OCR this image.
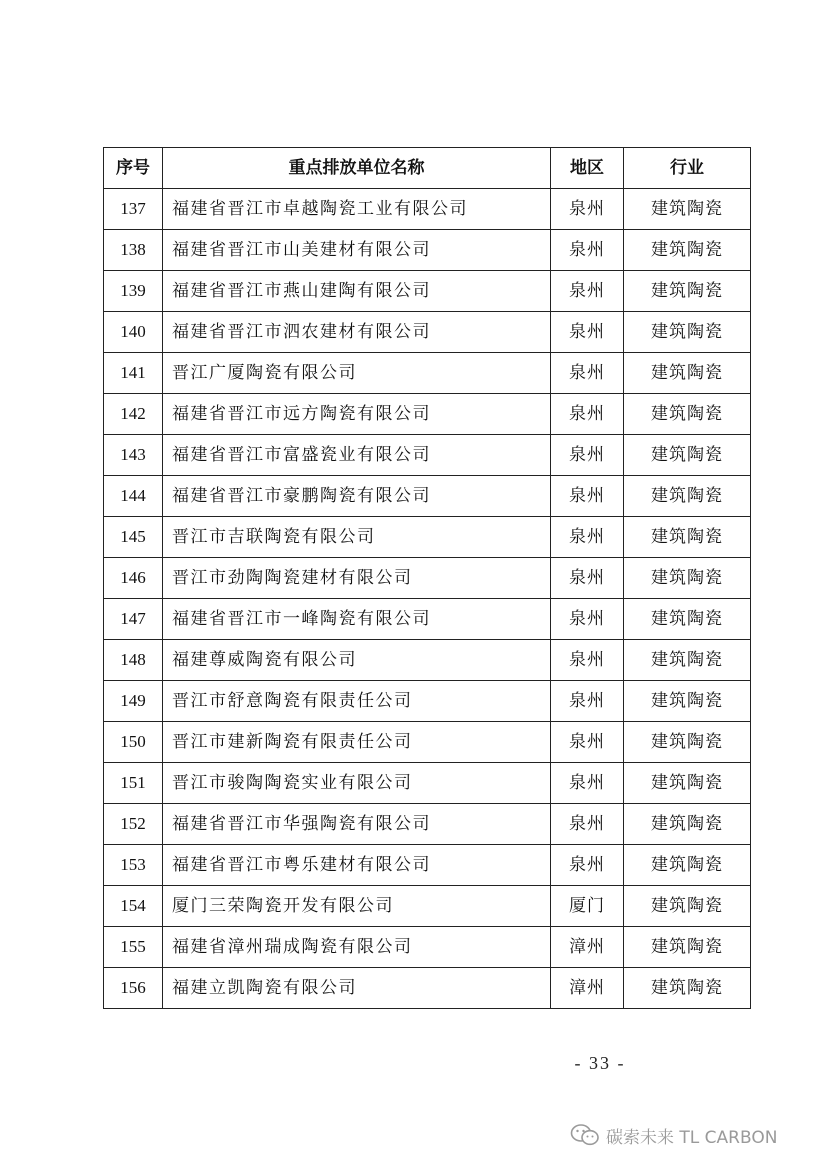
序号	重点排放单位名称	地区	行业
137	福建省晋江市卓越陶瓷工业有限公司	泉州	建筑陶瓷
138	福建省晋江市山美建材有限公司	泉州	建筑陶瓷
139	福建省晋江市燕山建陶有限公司	泉州	建筑陶瓷
140	福建省晋江市泗农建材有限公司	泉州	建筑陶瓷
141	晋江广厦陶瓷有限公司	泉州	建筑陶瓷
142	福建省晋江市远方陶瓷有限公司	泉州	建筑陶瓷
143	福建省晋江市富盛瓷业有限公司	泉州	建筑陶瓷
144	福建省晋江市豪鹏陶瓷有限公司	泉州	建筑陶瓷
145	晋江市吉联陶瓷有限公司	泉州	建筑陶瓷
146	晋江市劲陶陶瓷建材有限公司	泉州	建筑陶瓷
147	福建省晋江市一峰陶瓷有限公司	泉州	建筑陶瓷
148	福建尊威陶瓷有限公司	泉州	建筑陶瓷
149	晋江市舒意陶瓷有限责任公司	泉州	建筑陶瓷
150	晋江市建新陶瓷有限责任公司	泉州	建筑陶瓷
151	晋江市骏陶陶瓷实业有限公司	泉州	建筑陶瓷
152	福建省晋江市华强陶瓷有限公司	泉州	建筑陶瓷
153	福建省晋江市粤乐建材有限公司	泉州	建筑陶瓷
154	厦门三荣陶瓷开发有限公司	厦门	建筑陶瓷
155	福建省漳州瑞成陶瓷有限公司	漳州	建筑陶瓷
156	福建立凯陶瓷有限公司	漳州	建筑陶瓷
- 33 -
碳索未来 TL CARBON
